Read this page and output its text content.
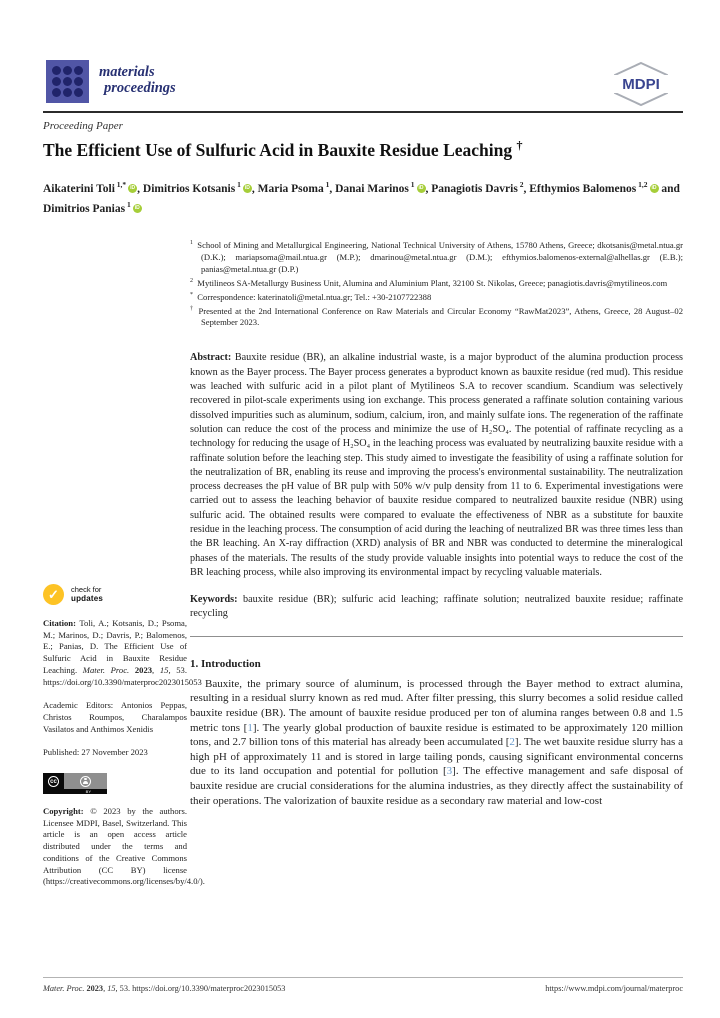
materials
proceedings	MDPI
Proceeding Paper
The Efficient Use of Sulfuric Acid in Bauxite Residue Leaching †
Aikaterini Toli $^{1,*}$ iD , Dimitrios Kotsanis $^1$ iD , Maria Psoma $^1$, Danai Marinos $^1$ iD , Panagiotis Davris $^2$, Efthymios Balomenos $^{1,2}$ iD and Dimitrios Panias $^1$ iD
✓	check for
updates
Citation: Toli, A.; Kotsanis, D.; Psoma, M.; Marinos, D.; Davris, P.; Balomenos, E.; Panias, D. The Efficient Use of Sulfuric Acid in Bauxite Residue Leaching. Mater. Proc. 2023, 15, 53. https://doi.org/10.3390/materproc2023015053
Academic Editors: Antonios Peppas, Christos Roumpos, Charalampos Vasilatos and Anthimos Xenidis
Published: 27 November 2023
cc
BY
Copyright: © 2023 by the authors. Licensee MDPI, Basel, Switzerland. This article is an open access article distributed under the terms and conditions of the Creative Commons Attribution (CC BY) license (https://creativecommons.org/licenses/by/4.0/).
$^1$ School of Mining and Metallurgical Engineering, National Technical University of Athens, 15780 Athens, Greece; dkotsanis@metal.ntua.gr (D.K.); mariapsoma@mail.ntua.gr (M.P.); dmarinou@metal.ntua.gr (D.M.); efthymios.balomenos-external@alhellas.gr (E.B.); panias@metal.ntua.gr (D.P.)
$^2$ Mytilineos SA-Metallurgy Business Unit, Alumina and Aluminium Plant, 32100 St. Nikolas, Greece; panagiotis.davris@mytilineos.com
* Correspondence: katerinatoli@metal.ntua.gr; Tel.: +30-2107722388
† Presented at the 2nd International Conference on Raw Materials and Circular Economy “RawMat2023”, Athens, Greece, 28 August–02 September 2023.
Abstract: Bauxite residue (BR), an alkaline industrial waste, is a major byproduct of the alumina production process known as the Bayer process. The Bayer process generates a byproduct known as bauxite residue (red mud). This residue was leached with sulfuric acid in a pilot plant of Mytilineos S.A to recover scandium. Scandium was selectively recovered in pilot-scale experiments using ion exchange. This process generated a raffinate solution containing various dissolved impurities such as aluminum, sodium, calcium, iron, and mainly sulfate ions. The regeneration of the raffinate solution can reduce the cost of the process and minimize the use of H₂SO₄. The potential of raffinate recycling as a technology for reducing the usage of H₂SO₄ in the leaching process was evaluated by neutralizing bauxite residue with a raffinate solution before the leaching step. This study aimed to investigate the feasibility of using a raffinate solution for the neutralization of BR, enabling its reuse and improving the process's environmental sustainability. The neutralization process decreases the pH value of BR pulp with 50% w/v pulp density from 11 to 6. Experimental investigations were carried out to assess the leaching behavior of bauxite residue compared to neutralized bauxite residue (NBR) using sulfuric acid. The obtained results were compared to evaluate the effectiveness of NBR as a substitute for bauxite residue in the leaching process. The consumption of acid during the leaching of neutralized BR was three times less than the BR leaching. An X-ray diffraction (XRD) analysis of BR and NBR was conducted to determine the mineralogical phases of the materials. The results of the study provide valuable insights into potential ways to reduce the cost of the BR leaching process, while also improving its environmental impact by recycling valuable materials.
Keywords: bauxite residue (BR); sulfuric acid leaching; raffinate solution; neutralized bauxite residue; raffinate recycling
1. Introduction
Bauxite, the primary source of aluminum, is processed through the Bayer method to extract alumina, resulting in a residual slurry known as red mud. After filter pressing, this slurry becomes a solid residue called bauxite residue (BR). The amount of bauxite residue produced per ton of alumina ranges between 0.8 and 1.5 metric tons [1]. The yearly global production of bauxite residue is estimated to be approximately 120 million tons, and 2.7 billion tons of this material has already been accumulated [2]. The wet bauxite residue slurry has a high pH of approximately 11 and is stored in large tailing ponds, causing significant environmental concerns due to its land occupation and potential for pollution [3]. The effective management and safe disposal of bauxite residue are crucial considerations for the alumina industries, as they directly affect the sustainability of their operations. The valorization of bauxite residue as a secondary raw material and low-cost
Mater. Proc. 2023, 15, 53. https://doi.org/10.3390/materproc2023015053	https://www.mdpi.com/journal/materproc
